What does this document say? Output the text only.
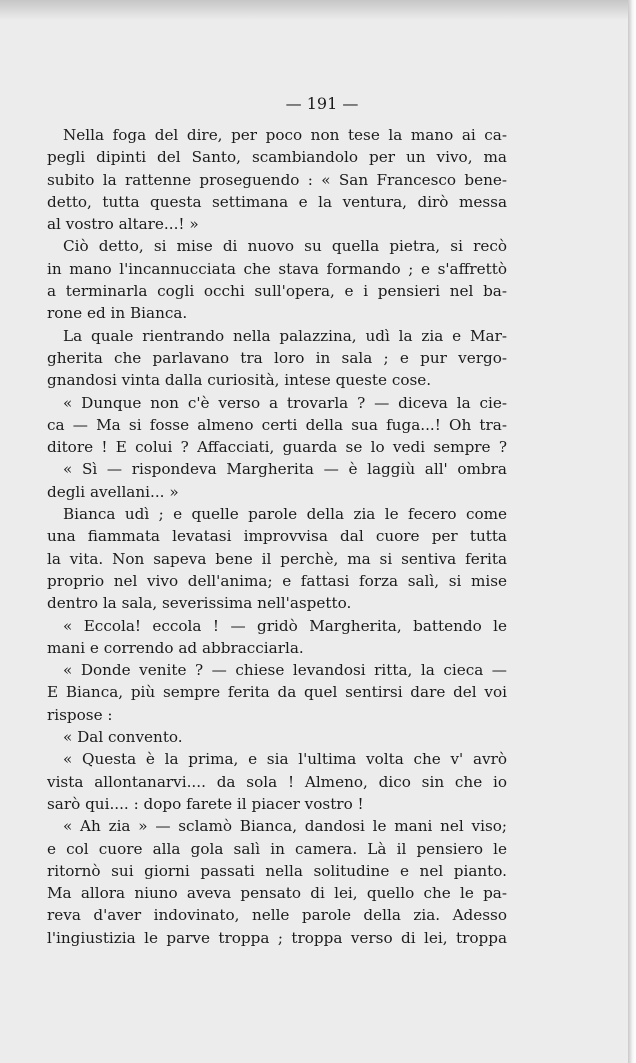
— 191 —

Nella foga del dire, per poco non tese la mano ai ca-
pegli dipinti del Santo, scambiandolo per un vivo, ma
subito la rattenne proseguendo : « San Francesco bene-
detto, tutta questa settimana e la ventura, dirò messa
al vostro altare...! »
Ciò detto, si mise di nuovo su quella pietra, si recò
in mano l'incannucciata che stava formando ; e s'affrettò
a terminarla cogli occhi sull'opera, e i pensieri nel ba-
rone ed in Bianca.
La quale rientrando nella palazzina, udì la zia e Mar-
gherita che parlavano tra loro in sala ; e pur vergo-
gnandosi vinta dalla curiosità, intese queste cose.
« Dunque non c'è verso a trovarla ? — diceva la cie-
ca — Ma si fosse almeno certi della sua fuga...! Oh tra-
ditore ! E colui ? Affacciati, guarda se lo vedi sempre ?
« Sì — rispondeva Margherita — è laggiù all' ombra
degli avellani... »
Bianca udì ; e quelle parole della zia le fecero come
una fiammata levatasi improvvisa dal cuore per tutta
la vita. Non sapeva bene il perchè, ma si sentiva ferita
proprio nel vivo dell'anima; e fattasi forza salì, si mise
dentro la sala, severissima nell'aspetto.
« Eccola! eccola ! — gridò Margherita, battendo le
mani e correndo ad abbracciarla.
« Donde venite ? — chiese levandosi ritta, la cieca —
E Bianca, più sempre ferita da quel sentirsi dare del voi
rispose :
« Dal convento.
« Questa è la prima, e sia l'ultima volta che v' avrò
vista allontanarvi.... da sola ! Almeno, dico sin che io
sarò qui.... : dopo farete il piacer vostro !
« Ah zia » — sclamò Bianca, dandosi le mani nel viso;
e col cuore alla gola salì in camera. Là il pensiero le
ritornò sui giorni passati nella solitudine e nel pianto.
Ma allora niuno aveva pensato di lei, quello che le pa-
reva d'aver indovinato, nelle parole della zia. Adesso
l'ingiustizia le parve troppa ; troppa verso di lei, troppa
